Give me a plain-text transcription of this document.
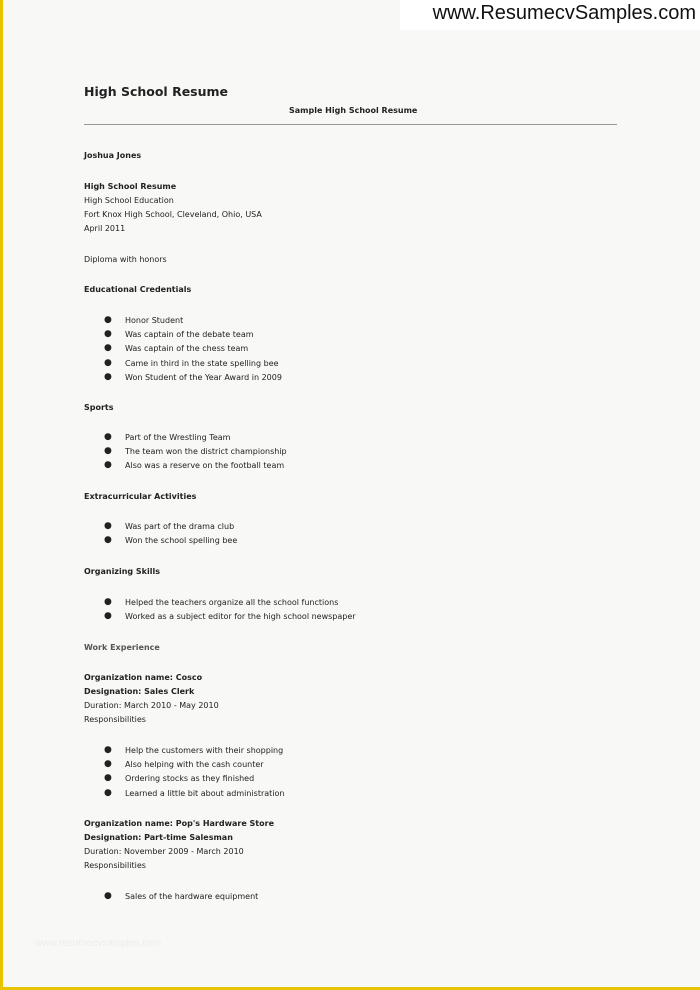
www.ResumecvSamples.com
High School Resume
Sample High School Resume
Joshua Jones
High School Resume
High School Education
Fort Knox High School, Cleveland, Ohio, USA
April 2011
Diploma with honors
Educational Credentials
● Honor Student
● Was captain of the debate team
● Was captain of the chess team
● Came in third in the state spelling bee
● Won Student of the Year Award in 2009
Sports
● Part of the Wrestling Team
● The team won the district championship
● Also was a reserve on the football team
Extracurricular Activities
● Was part of the drama club
● Won the school spelling bee
Organizing Skills
● Helped the teachers organize all the school functions
● Worked as a subject editor for the high school newspaper
Work Experience
Organization name: Cosco
Designation: Sales Clerk
Duration: March 2010 - May 2010
Responsibilities
● Help the customers with their shopping
● Also helping with the cash counter
● Ordering stocks as they finished
● Learned a little bit about administration
Organization name: Pop's Hardware Store
Designation: Part-time Salesman
Duration: November 2009 - March 2010
Responsibilities
● Sales of the hardware equipment
www.resumecvsamples.com
